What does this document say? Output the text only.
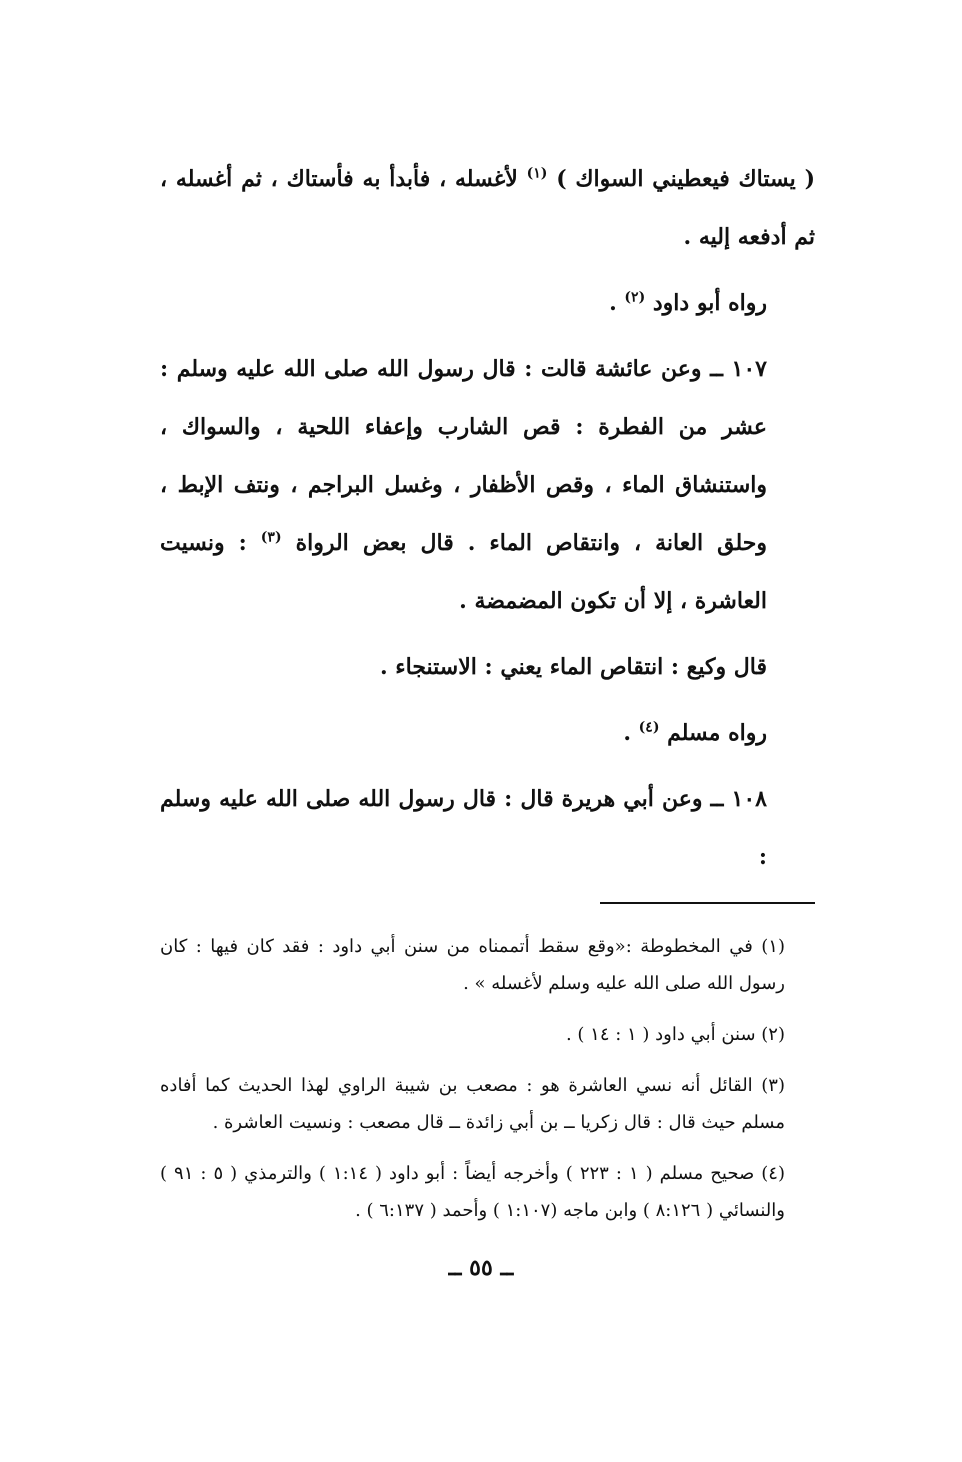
( يستاك فيعطيني السواك ) $^{(١)}$ لأغسله ، فأبدأ به فأستاك ، ثم أغسله ، ثم أدفعه إليه .

رواه أبو داود $^{(٢)}$ .

١٠٧ ــ وعن عائشة قالت : قال رسول الله صلى الله عليه وسلم : عشر من الفطرة : قص الشارب وإعفاء اللحية ، والسواك ، واستنشاق الماء ، وقص الأظفار ، وغسل البراجم ، ونتف الإبط ، وحلق العانة ، وانتقاص الماء . قال بعض الرواة $^{(٣)}$ : ونسيت العاشرة ، إلا أن تكون المضمضة .

قال وكيع : انتقاص الماء يعني : الاستنجاء .

رواه مسلم $^{(٤)}$ .

١٠٨ ــ وعن أبي هريرة قال : قال رسول الله صلى الله عليه وسلم :

(١) في المخطوطة :«وقع سقط أتممناه من سنن أبي داود : فقد كان فيها : كان رسول الله صلى الله عليه وسلم لأغسله » .

(٢) سنن أبي داود ( ١ : ١٤ ) .

(٣) القائل أنه نسي العاشرة هو : مصعب بن شيبة الراوي لهذا الحديث كما أفاده مسلم حيث قال : قال زكريا ــ بن أبي زائدة ــ قال مصعب : ونسيت العاشرة .

(٤) صحيح مسلم ( ١ : ٢٢٣ ) وأخرجه أيضاً : أبو داود ( ١:١٤ ) والترمذي ( ٥ : ٩١ ) والنسائي ( ٨:١٢٦ ) وابن ماجه (١:١٠٧ ) وأحمد ( ٦:١٣٧ ) .

ــ ٥٥ ــ
